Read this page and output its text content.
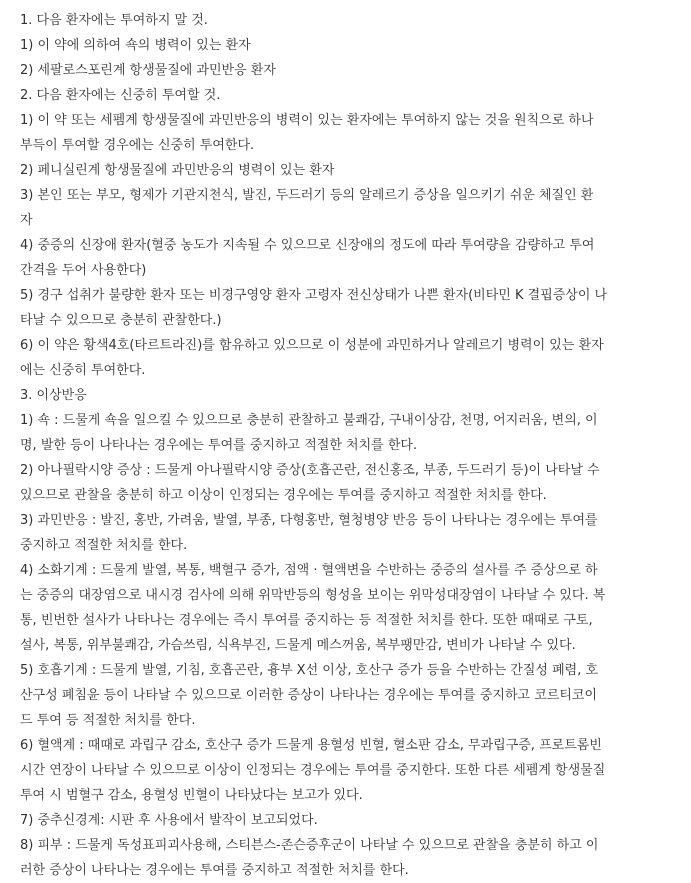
1. 다음 환자에는 투여하지 말 것.
1) 이 약에 의하여 쇽의 병력이 있는 환자
2) 세팔로스포린계 항생물질에 과민반응 환자
2. 다음 환자에는 신중히 투여할 것.
1) 이 약 또는 세펨계 항생물질에 과민반응의 병력이 있는 환자에는 투여하지 않는 것을 원칙으로 하나
부득이 투여할 경우에는 신중히 투여한다.
2) 페니실린계 항생물질에 과민반응의 병력이 있는 환자
3) 본인 또는 부모, 형제가 기관지천식, 발진, 두드러기 등의 알레르기 증상을 일으키기 쉬운 체질인 환
자
4) 중증의 신장애 환자(혈중 농도가 지속될 수 있으므로 신장애의 정도에 따라 투여량을 감량하고 투여
간격을 두어 사용한다)
5) 경구 섭취가 불량한 환자 또는 비경구영양 환자 고령자 전신상태가 나쁜 환자(비타민 K 결핍증상이 나
타날 수 있으므로 충분히 관찰한다.)
6) 이 약은 황색4호(타르트라진)를 함유하고 있으므로 이 성분에 과민하거나 알레르기 병력이 있는 환자
에는 신중히 투여한다.
3. 이상반응
1) 쇽 : 드물게 쇽을 일으킬 수 있으므로 충분히 관찰하고 불쾌감, 구내이상감, 천명, 어지러움, 변의, 이
명, 발한 등이 나타나는 경우에는 투여를 중지하고 적절한 처치를 한다.
2) 아나필락시양 증상 : 드물게 아나필락시양 증상(호흡곤란, 전신홍조, 부종, 두드러기 등)이 나타날 수
있으므로 관찰을 충분히 하고 이상이 인정되는 경우에는 투여를 중지하고 적절한 처치를 한다.
3) 과민반응 : 발진, 홍반, 가려움, 발열, 부종, 다형홍반, 혈청병양 반응 등이 나타나는 경우에는 투여를
중지하고 적절한 처치를 한다.
4) 소화기계 : 드물게 발열, 복통, 백혈구 증가, 점액 · 혈액변을 수반하는 중증의 설사를 주 증상으로 하
는 중증의 대장염으로 내시경 검사에 의해 위막반등의 형성을 보이는 위막성대장염이 나타날 수 있다. 복
통, 빈번한 설사가 나타나는 경우에는 즉시 투여를 중지하는 등 적절한 처치를 한다. 또한 때때로 구토,
설사, 복통, 위부불쾌감, 가슴쓰림, 식욕부진, 드물게 메스꺼움, 복부팽만감, 변비가 나타날 수 있다.
5) 호흡기계 : 드물게 발열, 기침, 호흡곤란, 흉부 X선 이상, 호산구 증가 등을 수반하는 간질성 폐렴, 호
산구성 폐침윤 등이 나타날 수 있으므로 이러한 증상이 나타나는 경우에는 투여를 중지하고 코르티코이
드 투여 등 적절한 처치를 한다.
6) 혈액계 : 때때로 과립구 감소, 호산구 증가 드물게 용혈성 빈혈, 혈소판 감소, 무과립구증, 프로트롬빈
시간 연장이 나타날 수 있으므로 이상이 인정되는 경우에는 투여를 중지한다. 또한 다른 세펨계 항생물질
투여 시 범혈구 감소, 용혈성 빈혈이 나타났다는 보고가 있다.
7) 중추신경계: 시판 후 사용에서 발작이 보고되었다.
8) 피부 : 드물게 독성표피괴사용해, 스티븐스-존슨증후군이 나타날 수 있으므로 관찰을 충분히 하고 이
러한 증상이 나타나는 경우에는 투여를 중지하고 적절한 처치를 한다.
